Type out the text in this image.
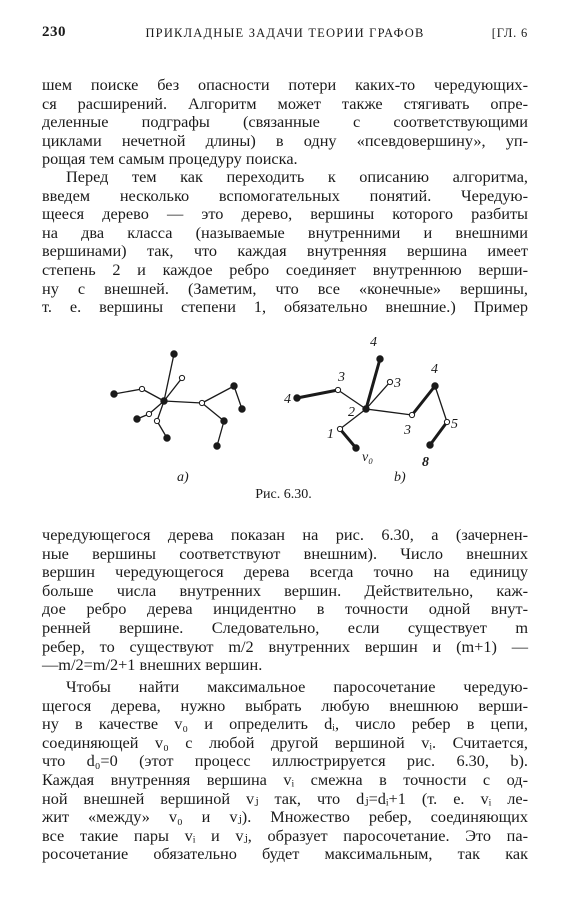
230	ПРИКЛАДНЫЕ ЗАДАЧИ ТЕОРИИ ГРАФОВ	[ГЛ. 6
шем поиске без опасности потери каких-то чередующих-
ся расширений. Алгоритм может также стягивать опре-
деленные подграфы (связанные с соответствующими
циклами нечетной длины) в одну «псевдовершину», уп-
рощая тем самым процедуру поиска.
Перед тем как переходить к описанию алгоритма,
введем несколько вспомогательных понятий. Чередую-
щееся дерево — это дерево, вершины которого разбиты
на два класса (называемые внутренними и внешними
вершинами) так, что каждая внутренняя вершина имеет
степень 2 и каждое ребро соединяет внутреннюю верши-
ну с внешней. (Заметим, что все «конечные» вершины,
т. е. вершины степени 1, обязательно внешние.) Пример
a)
4
3	3
4
2
3
1
5
v₀	8
4
b)
Рис. 6.30.
чередующегося дерева показан на рис. 6.30, a (зачернен-
ные вершины соответствуют внешним). Число внешних
вершин чередующегося дерева всегда точно на единицу
больше числа внутренних вершин. Действительно, каж-
дое ребро дерева инцидентно в точности одной внут-
ренней вершине. Следовательно, если существует m
ребер, то существуют m/2 внутренних вершин и (m+1) —
—m/2=m/2+1 внешних вершин.
Чтобы найти максимальное паросочетание чередую-
щегося дерева, нужно выбрать любую внешнюю верши-
ну в качестве v₀ и определить dᵢ, число ребер в цепи,
соединяющей v₀ с любой другой вершиной vᵢ. Считается,
что d₀=0 (этот процесс иллюстрируется рис. 6.30, b).
Каждая внутренняя вершина vᵢ смежна в точности с од-
ной внешней вершиной vⱼ так, что dⱼ=dᵢ+1 (т. е. vᵢ ле-
жит «между» v₀ и vⱼ). Множество ребер, соединяющих
все такие пары vᵢ и vⱼ, образует паросочетание. Это па-
росочетание обязательно будет максимальным, так как
